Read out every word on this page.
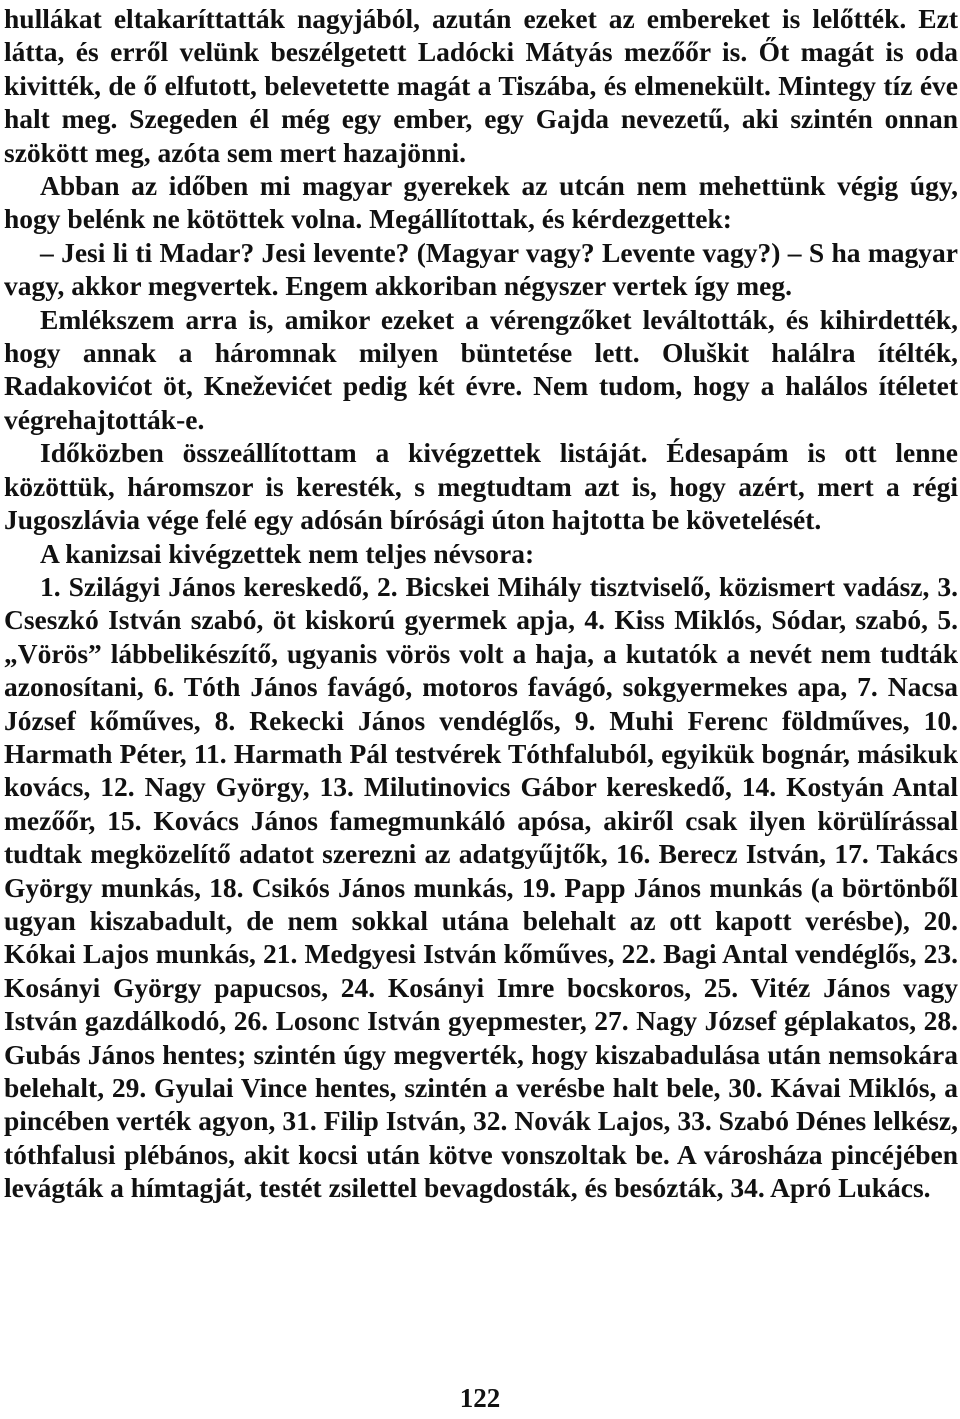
hullákat eltakaríttatták nagyjából, azután ezeket az embereket is lelőtték. Ezt látta, és erről velünk beszélgetett Ladócki Mátyás mezőőr is. Őt magát is oda kivitték, de ő elfutott, belevetette magát a Tiszába, és elmenekült. Mintegy tíz éve halt meg. Szegeden él még egy ember, egy Gajda nevezetű, aki szintén onnan szökött meg, azóta sem mert hazajönni.

Abban az időben mi magyar gyerekek az utcán nem mehettünk végig úgy, hogy belénk ne kötöttek volna. Megállítottak, és kérdezgettek:

– Jesi li ti Madar? Jesi levente? (Magyar vagy? Levente vagy?) – S ha magyar vagy, akkor megvertek. Engem akkoriban négyszer vertek így meg.

Emlékszem arra is, amikor ezeket a vérengzőket leváltották, és kihirdették, hogy annak a háromnak milyen büntetése lett. Oluškit halálra ítélték, Radakovićot öt, Kneževićet pedig két évre. Nem tudom, hogy a halálos ítéletet végrehajtották-e.

Időközben összeállítottam a kivégzettek listáját. Édesapám is ott lenne közöttük, háromszor is keresték, s megtudtam azt is, hogy azért, mert a régi Jugoszlávia vége felé egy adósán bírósági úton hajtotta be követelését.

A kanizsai kivégzettek nem teljes névsora:

1. Szilágyi János kereskedő, 2. Bicskei Mihály tisztviselő, közismert vadász, 3. Cseszkó István szabó, öt kiskorú gyermek apja, 4. Kiss Miklós, Sódar, szabó, 5. „Vörös” lábbelikészítő, ugyanis vörös volt a haja, a kutatók a nevét nem tudták azonosítani, 6. Tóth János favágó, motoros favágó, sokgyermekes apa, 7. Nacsa József kőműves, 8. Rekecki János vendéglős, 9. Muhi Ferenc földműves, 10. Harmath Péter, 11. Harmath Pál testvérek Tóthfaluból, egyikük bognár, másikuk kovács, 12. Nagy György, 13. Milutinovics Gábor kereskedő, 14. Kostyán Antal mezőőr, 15. Kovács János famegmunkáló apósa, akiről csak ilyen körülírással tudtak megközelítő adatot szerezni az adatgyűjtők, 16. Berecz István, 17. Takács György munkás, 18. Csikós János munkás, 19. Papp János munkás (a börtönből ugyan kiszabadult, de nem sokkal utána belehalt az ott kapott verésbe), 20. Kókai Lajos munkás, 21. Medgyesi István kőműves, 22. Bagi Antal vendéglős, 23. Kosányi György papucsos, 24. Kosányi Imre bocskoros, 25. Vitéz János vagy István gazdálkodó, 26. Losonc István gyepmester, 27. Nagy József géplakatos, 28. Gubás János hentes; szintén úgy megverték, hogy kiszabadulása után nemsokára belehalt, 29. Gyulai Vince hentes, szintén a verésbe halt bele, 30. Kávai Miklós, a pincében verték agyon, 31. Filip István, 32. Novák Lajos, 33. Szabó Dénes lelkész, tóthfalusi plébános, akit kocsi után kötve vonszoltak be. A városháza pincéjében levágták a hímtagját, testét zsilettel bevagdosták, és besózták, 34. Apró Lukács.

122
